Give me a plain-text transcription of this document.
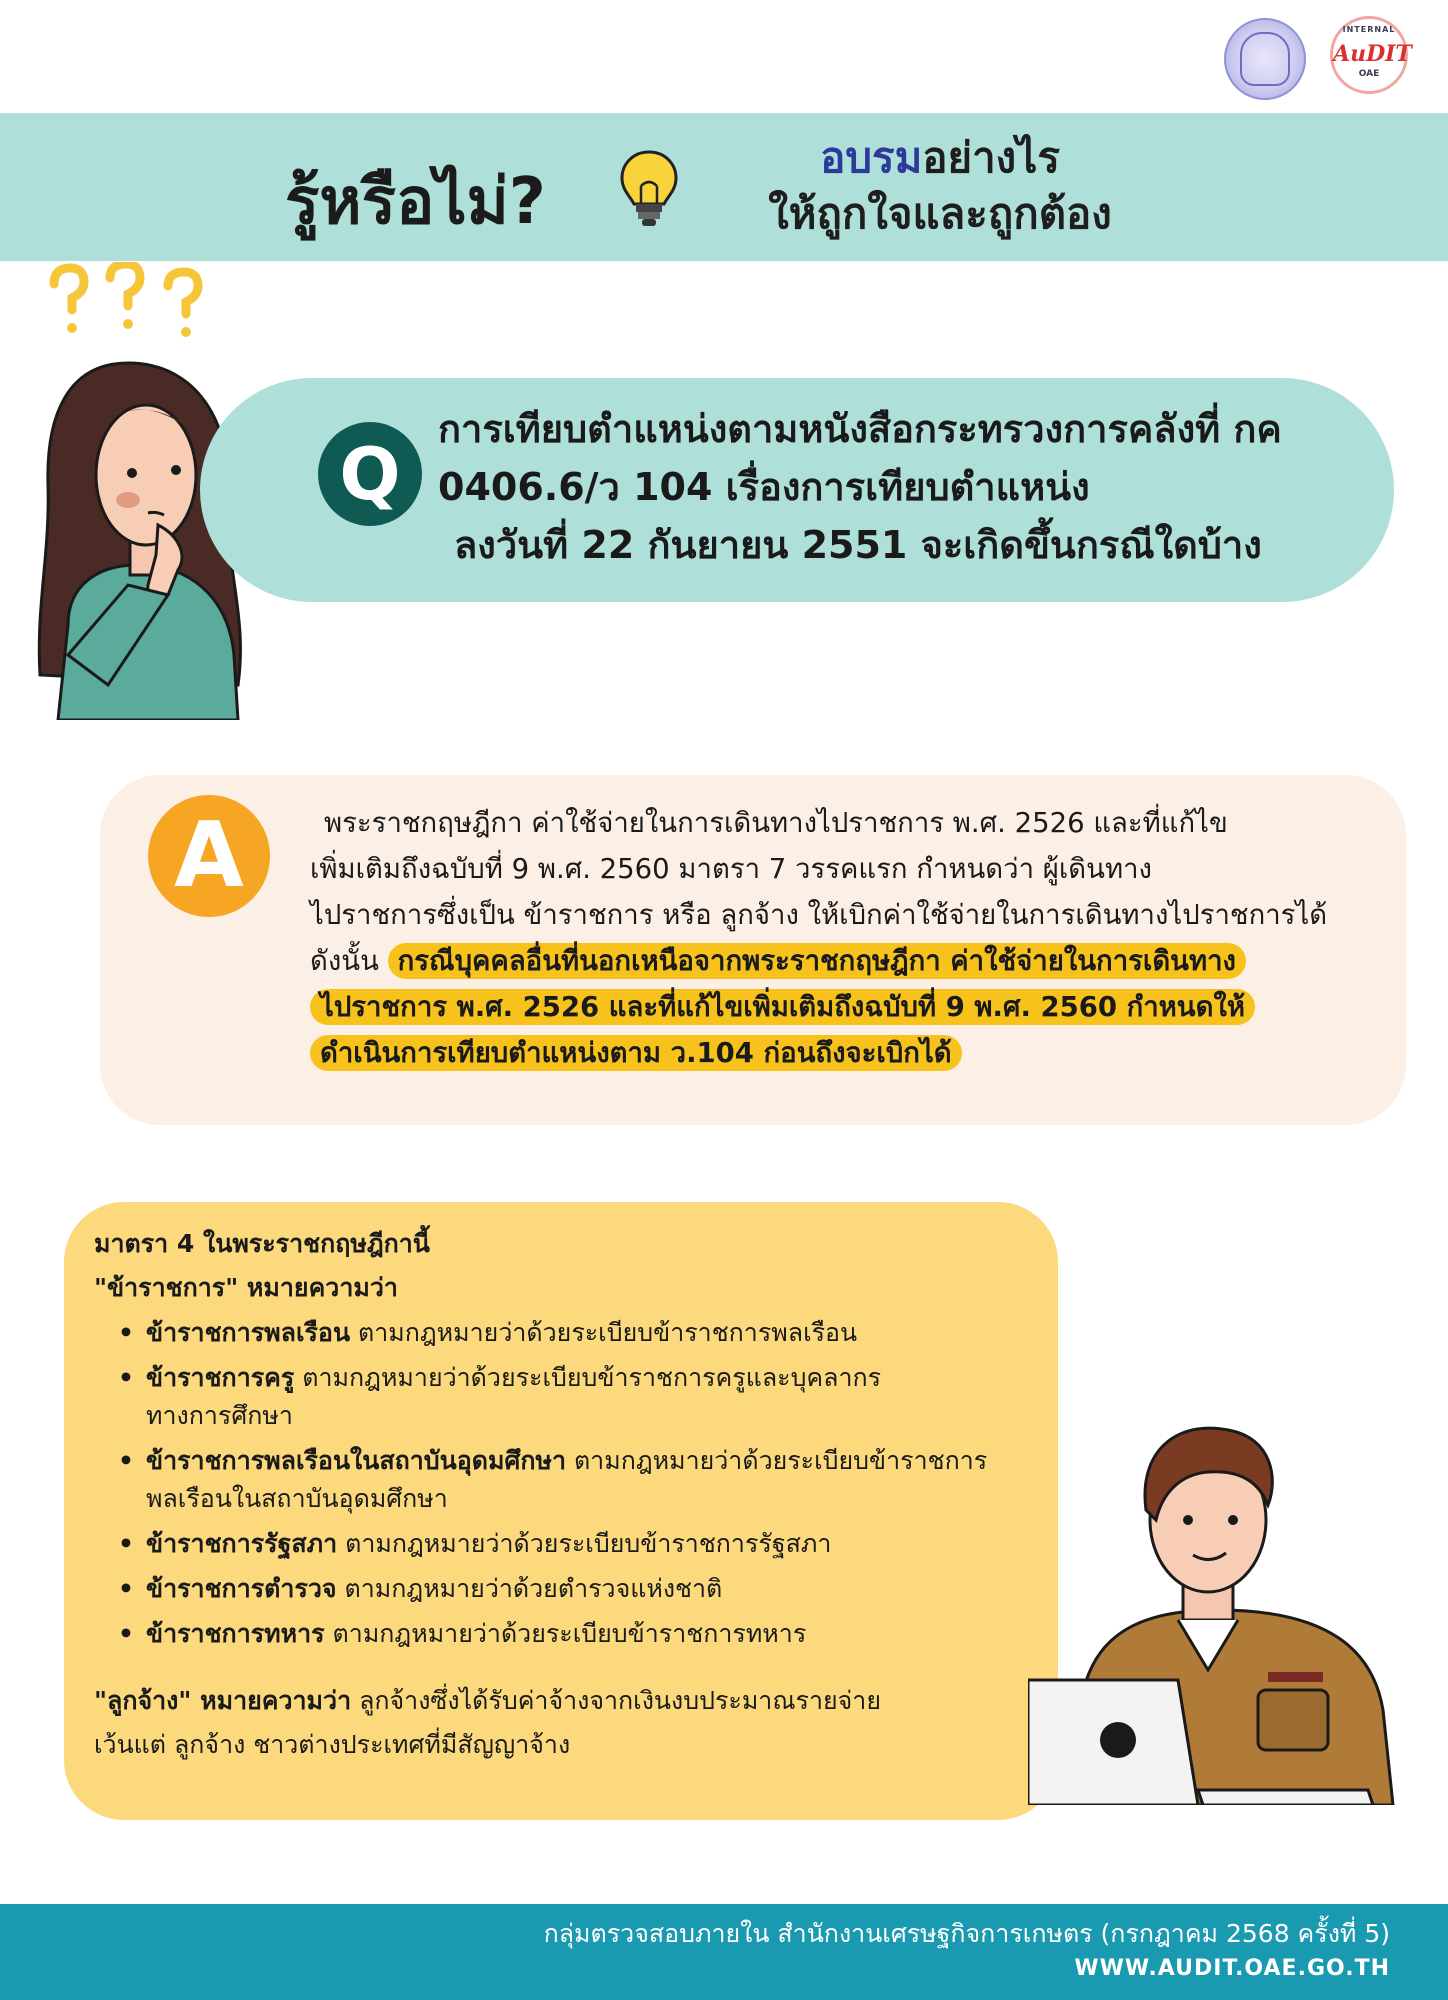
INTERNAL
AuDIT
OAE
รู้หรือไม่?
อบรมอย่างไร
ให้ถูกใจและถูกต้อง
Q
การเทียบตำแหน่งตามหนังสือกระทรวงการคลังที่ กค
0406.6/ว 104 เรื่องการเทียบตำแหน่ง
ลงวันที่ 22 กันยายน 2551 จะเกิดขึ้นกรณีใดบ้าง
A	พระราชกฤษฎีกา ค่าใช้จ่ายในการเดินทางไปราชการ พ.ศ. 2526 และที่แก้ไข
เพิ่มเติมถึงฉบับที่ 9 พ.ศ. 2560 มาตรา 7 วรรคแรก กำหนดว่า ผู้เดินทาง
ไปราชการซึ่งเป็น ข้าราชการ หรือ ลูกจ้าง ให้เบิกค่าใช้จ่ายในการเดินทางไปราชการได้
ดังนั้น กรณีบุคคลอื่นที่นอกเหนือจากพระราชกฤษฎีกา ค่าใช้จ่ายในการเดินทาง
ไปราชการ พ.ศ. 2526 และที่แก้ไขเพิ่มเติมถึงฉบับที่ 9 พ.ศ. 2560 กำหนดให้
ดำเนินการเทียบตำแหน่งตาม ว.104 ก่อนถึงจะเบิกได้
มาตรา 4 ในพระราชกฤษฎีกานี้
"ข้าราชการ" หมายความว่า
• ข้าราชการพลเรือน ตามกฎหมายว่าด้วยระเบียบข้าราชการพลเรือน
• ข้าราชการครู ตามกฎหมายว่าด้วยระเบียบข้าราชการครูและบุคลากรทางการศึกษา
• ข้าราชการพลเรือนในสถาบันอุดมศึกษา ตามกฎหมายว่าด้วยระเบียบข้าราชการพลเรือนในสถาบันอุดมศึกษา
• ข้าราชการรัฐสภา ตามกฎหมายว่าด้วยระเบียบข้าราชการรัฐสภา
• ข้าราชการตำรวจ ตามกฎหมายว่าด้วยตำรวจแห่งชาติ
• ข้าราชการทหาร ตามกฎหมายว่าด้วยระเบียบข้าราชการทหาร
"ลูกจ้าง" หมายความว่า ลูกจ้างซึ่งได้รับค่าจ้างจากเงินงบประมาณรายจ่าย
เว้นแต่ ลูกจ้าง ชาวต่างประเทศที่มีสัญญาจ้าง
กลุ่มตรวจสอบภายใน สำนักงานเศรษฐกิจการเกษตร (กรกฎาคม 2568 ครั้งที่ 5)
WWW.AUDIT.OAE.GO.TH
